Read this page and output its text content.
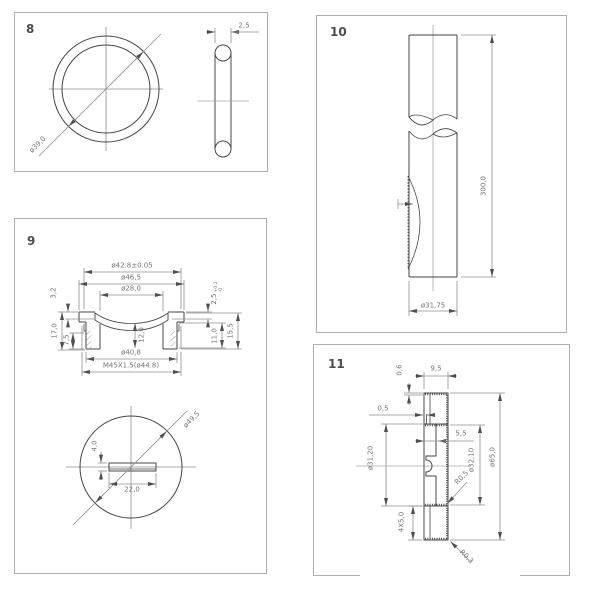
8
ø39,0
2,5
9
ø42.8±0.05
ø46,5
ø28,0
3,2
2,5
+0.2 -0
17,0
7,5	12,0	11,0 15,5
ø40,8
M45X1.5(ø44.8)
ø49,5
4,0
22,0
10
300,0
ø31,75
11	0,6	9,5
0,5
5,5
ø31,20	ø32,10 ø65,0
4X5,0
R0,5
R0,3
